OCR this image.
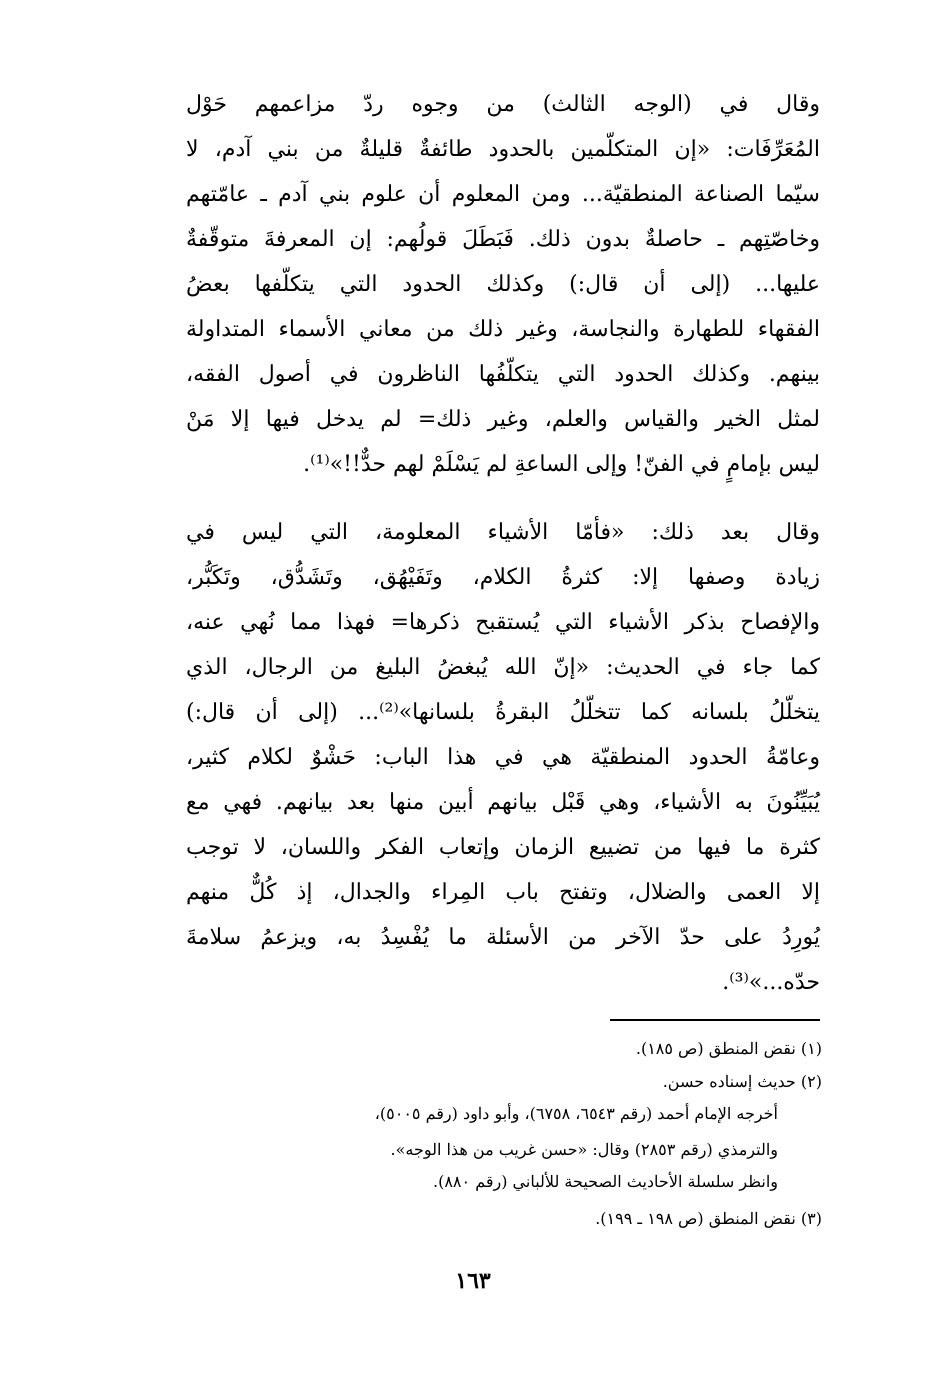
وقال في (الوجه الثالث) من وجوه ردّ مزاعمهم حَوْل
المُعَرِّفَات: «إن المتكلّمين بالحدود طائفةٌ قليلةٌ من بني آدم، لا
سيّما الصناعة المنطقيّة... ومن المعلوم أن علوم بني آدم ـ عامّتهم
وخاصّتِهم ـ حاصلةٌ بدون ذلك. فَبَطَلَ قولُهم: إن المعرفةَ متوقّفةٌ
عليها... (إلى أن قال:) وكذلك الحدود التي يتكلّفها بعضُ
الفقهاء للطهارة والنجاسة، وغير ذلك من معاني الأسماء المتداولة
بينهم. وكذلك الحدود التي يتكلّفُها الناظرون في أصول الفقه،
لمثل الخير والقياس والعلم، وغير ذلك= لم يدخل فيها إلا مَنْ
ليس بإمامٍ في الفنّ! وإلى الساعةِ لم يَسْلَمْ لهم حدٌّ!!»⁽¹⁾.
وقال بعد ذلك: «فأمّا الأشياء المعلومة، التي ليس في
زيادة وصفها إلا: كثرةُ الكلام، وتَفَيْهُق، وتَشَدُّق، وتَكَبُّر،
والإفصاح بذكر الأشياء التي يُستقبح ذكرها= فهذا مما نُهي عنه،
كما جاء في الحديث: «إنّ الله يُبغضُ البليغ من الرجال، الذي
يتخلّلُ بلسانه كما تتخلّلُ البقرةُ بلسانها»⁽²⁾... (إلى أن قال:)
وعامّةُ الحدود المنطقيّة هي في هذا الباب: حَشْوٌ لكلام كثير،
يُبَيِّنُونَ به الأشياء، وهي قَبْل بيانهم أبين منها بعد بيانهم. فهي مع
كثرة ما فيها من تضييع الزمان وإتعاب الفكر واللسان، لا توجب
إلا العمى والضلال، وتفتح باب المِراء والجدال، إذ كُلٌّ منهم
يُورِدُ على حدّ الآخر من الأسئلة ما يُفْسِدُ به، ويزعمُ سلامةَ
حدّه...»⁽³⁾.
(١) نقض المنطق (ص ١٨٥).
(٢) حديث إسناده حسن.
أخرجه الإمام أحمد (رقم ٦٥٤٣، ٦٧٥٨)، وأبو داود (رقم ٥٠٠٥)،
والترمذي (رقم ٢٨٥٣) وقال: «حسن غريب من هذا الوجه».
وانظر سلسلة الأحاديث الصحيحة للألباني (رقم ٨٨٠).
(٣) نقض المنطق (ص ١٩٨ ـ ١٩٩).
١٦٣
